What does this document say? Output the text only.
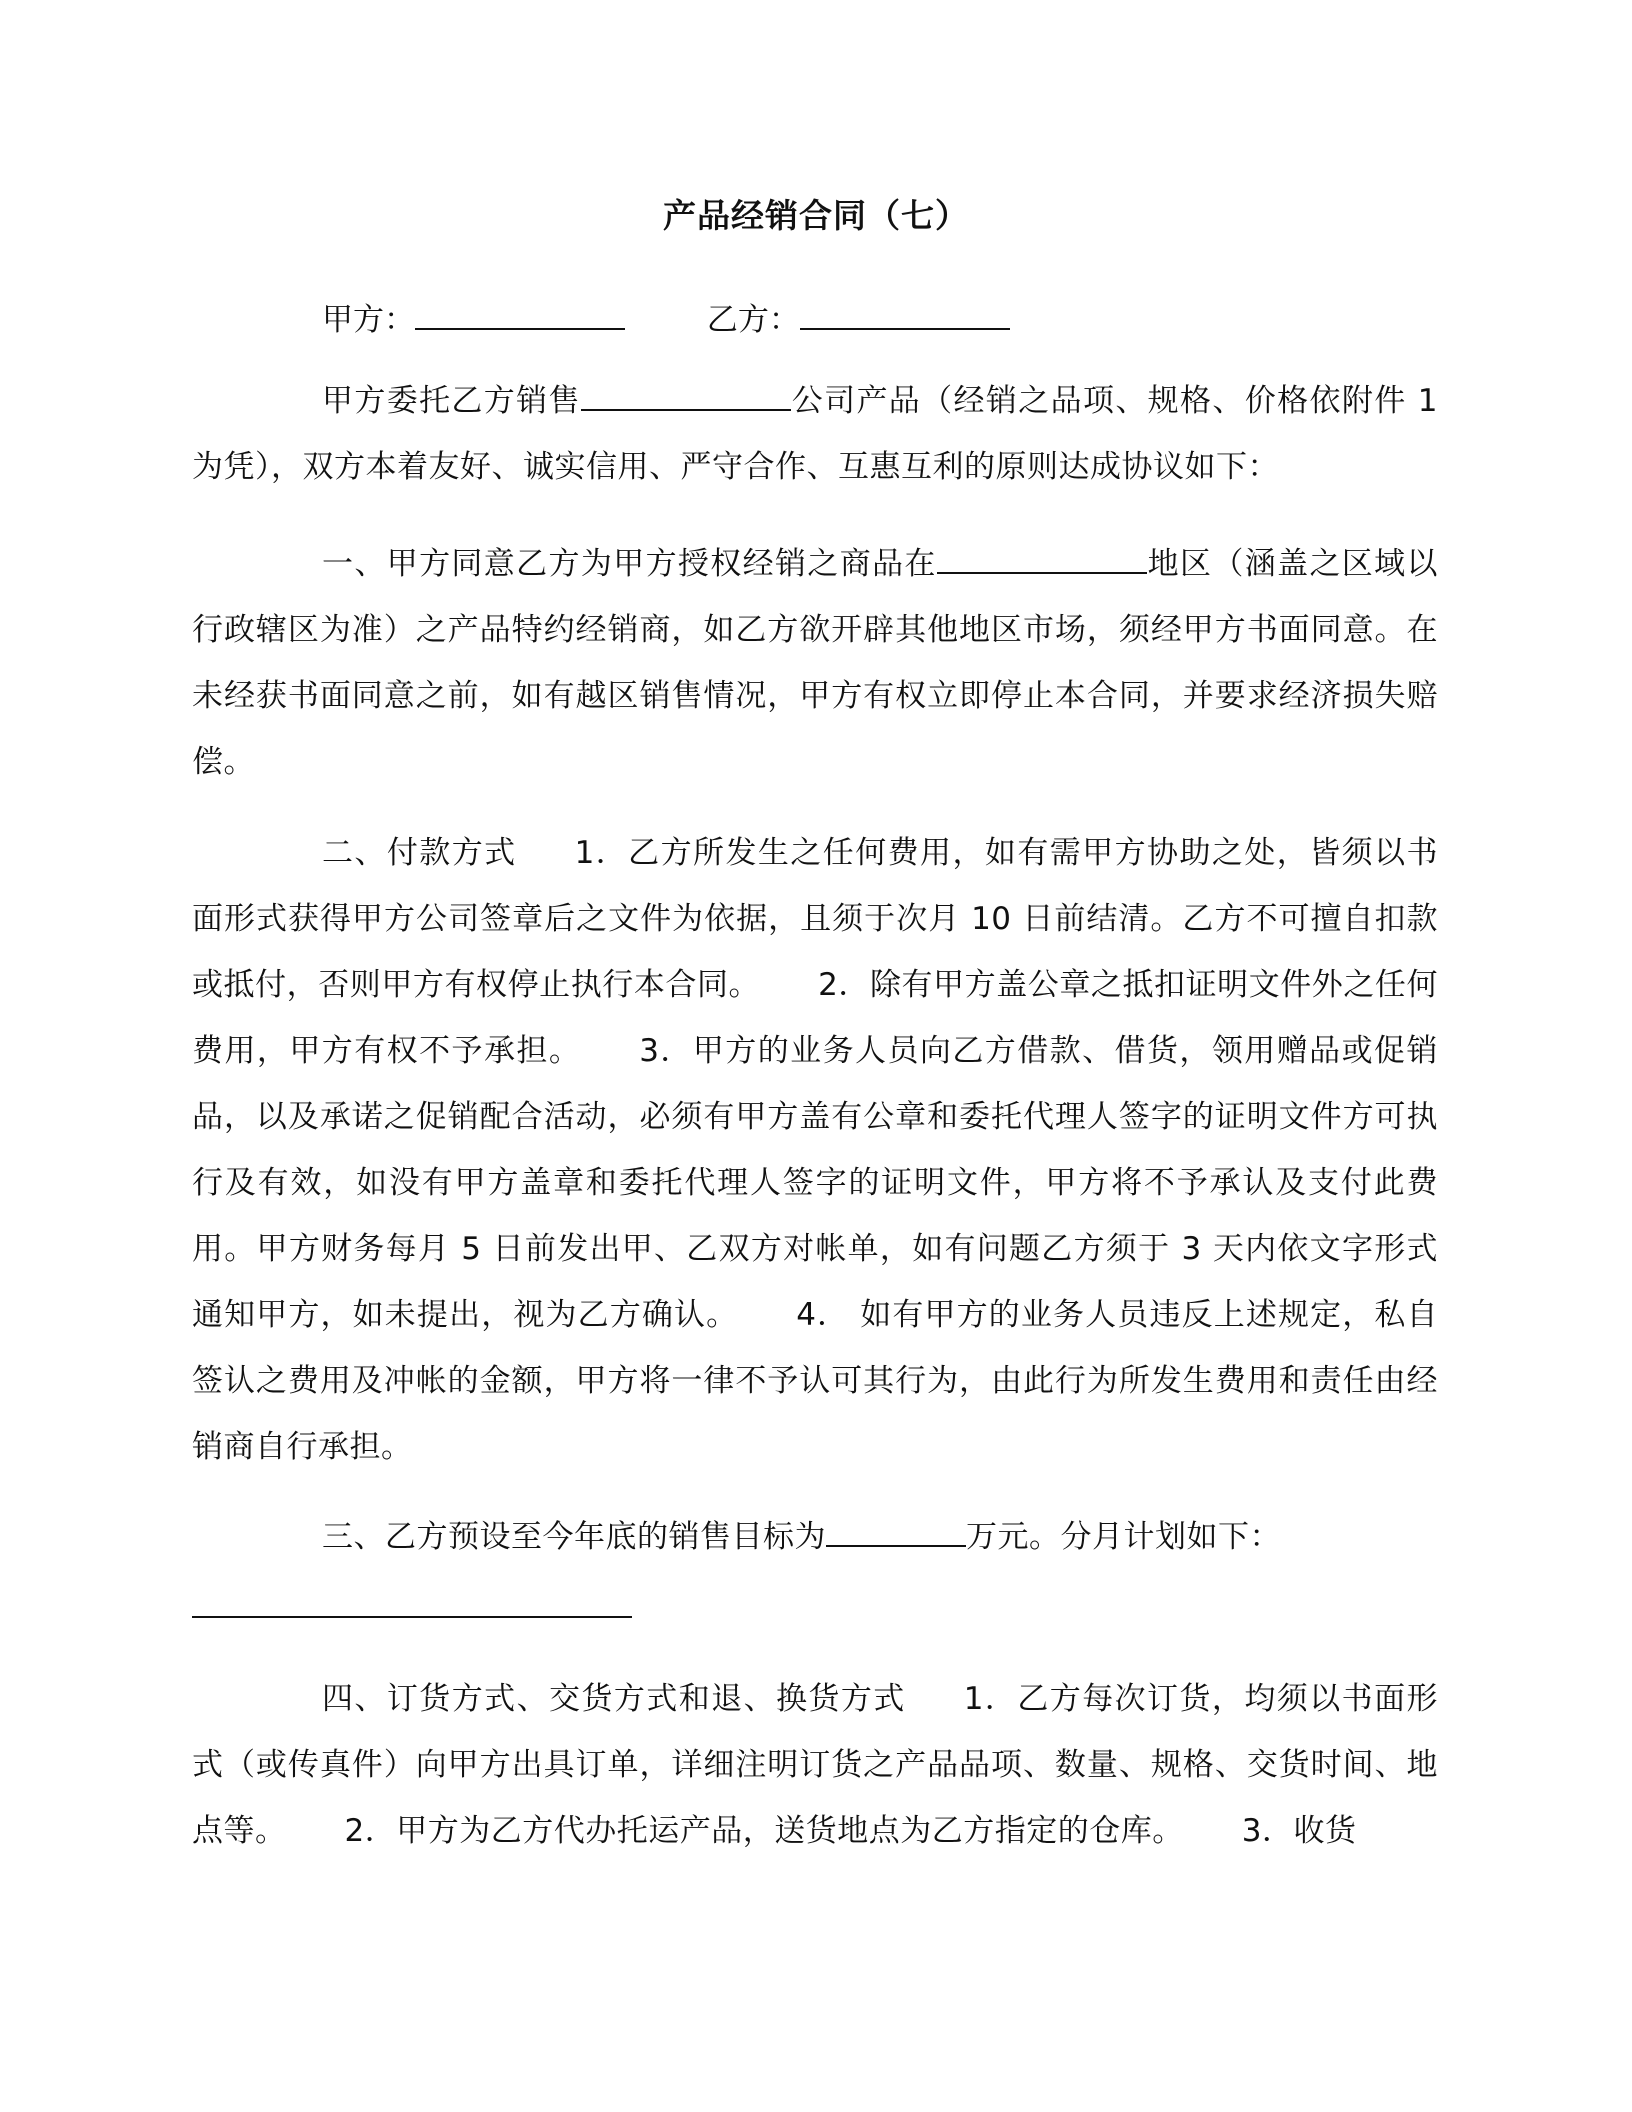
产品经销合同（七）
甲方：	乙方：

甲方委托乙方销售	公司产品（经销之品项、规格、价格依附件 1 为凭），双方本着友好、诚实信用、严守合作、互惠互利的原则达成协议如下：

一、甲方同意乙方为甲方授权经销之商品在	地区（涵盖之区域以行政辖区为准）之产品特约经销商，如乙方欲开辟其他地区市场，须经甲方书面同意。在未经获书面同意之前，如有越区销售情况，甲方有权立即停止本合同，并要求经济损失赔偿。

二、付款方式 1．乙方所发生之任何费用，如有需甲方协助之处，皆须以书面形式获得甲方公司签章后之文件为依据，且须于次月 10 日前结清。乙方不可擅自扣款或抵付，否则甲方有权停止执行本合同。 2．除有甲方盖公章之抵扣证明文件外之任何费用，甲方有权不予承担。 3．甲方的业务人员向乙方借款、借货，领用赠品或促销品，以及承诺之促销配合活动，必须有甲方盖有公章和委托代理人签字的证明文件方可执行及有效，如没有甲方盖章和委托代理人签字的证明文件，甲方将不予承认及支付此费用。甲方财务每月 5 日前发出甲、乙双方对帐单，如有问题乙方须于 3 天内依文字形式通知甲方，如未提出，视为乙方确认。 4． 如有甲方的业务人员违反上述规定，私自签认之费用及冲帐的金额，甲方将一律不予认可其行为，由此行为所发生费用和责任由经销商自行承担。

三、乙方预设至今年底的销售目标为	万元。分月计划如下：

四、订货方式、交货方式和退、换货方式 1．乙方每次订货，均须以书面形式（或传真件）向甲方出具订单，详细注明订货之产品品项、数量、规格、交货时间、地点等。 2．甲方为乙方代办托运产品，送货地点为乙方指定的仓库。 3．收货
